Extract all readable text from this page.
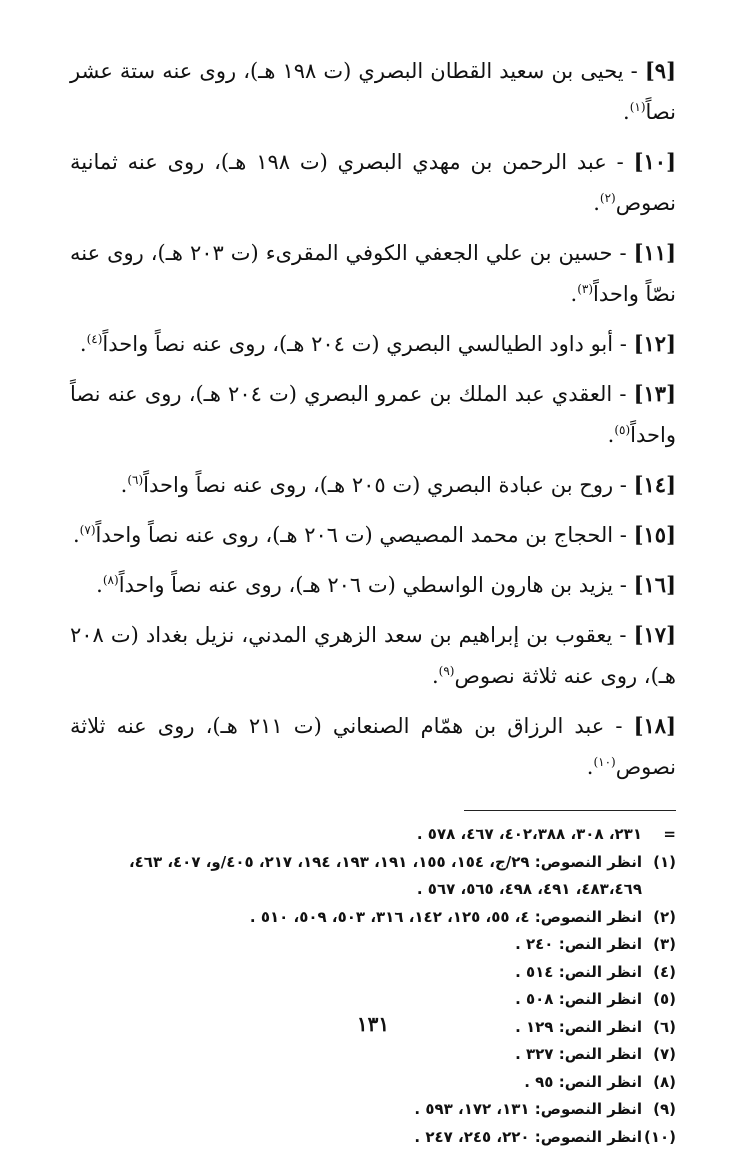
[٩] - يحيى بن سعيد القطان البصري (ت ١٩٨ هـ)، روى عنه ستة عشر نصاً$^{(١)}$.

[١٠] - عبد الرحمن بن مهدي البصري (ت ١٩٨ هـ)، روى عنه ثمانية نصوص$^{(٢)}$.

[١١] - حسين بن علي الجعفي الكوفي المقرىء (ت ٢٠٣ هـ)، روى عنه نصّاً واحداً$^{(٣)}$.

[١٢] - أبو داود الطيالسي البصري (ت ٢٠٤ هـ)، روى عنه نصاً واحداً$^{(٤)}$.

[١٣] - العقدي عبد الملك بن عمرو البصري (ت ٢٠٤ هـ)، روى عنه نصاً واحداً$^{(٥)}$.

[١٤] - روح بن عبادة البصري (ت ٢٠٥ هـ)، روى عنه نصاً واحداً$^{(٦)}$.

[١٥] - الحجاج بن محمد المصيصي (ت ٢٠٦ هـ)، روى عنه نصاً واحداً$^{(٧)}$.

[١٦] - يزيد بن هارون الواسطي (ت ٢٠٦ هـ)، روى عنه نصاً واحداً$^{(٨)}$.

[١٧] - يعقوب بن إبراهيم بن سعد الزهري المدني، نزيل بغداد (ت ٢٠٨ هـ)، روى عنه ثلاثة نصوص$^{(٩)}$.

[١٨] - عبد الرزاق بن همّام الصنعاني (ت ٢١١ هـ)، روى عنه ثلاثة نصوص$^{(١٠)}$.

=
٢٣١، ٣٠٨، ٤٠٢،٣٨٨، ٤٦٧، ٥٧٨ .
(١)
انظر النصوص: ٢٩/ج، ١٥٤، ١٥٥، ١٩١، ١٩٣، ١٩٤، ٢١٧، ٤٠٥/و، ٤٠٧، ٤٦٣، ٤٨٣،٤٦٩، ٤٩١، ٤٩٨، ٥٦٥، ٥٦٧ .
(٢)
انظر النصوص: ٤، ٥٥، ١٢٥، ١٤٢، ٣١٦، ٥٠٣، ٥٠٩، ٥١٠ .
(٣)
انظر النص: ٢٤٠ .
(٤)
انظر النص: ٥١٤ .
(٥)
انظر النص: ٥٠٨ .
(٦)
انظر النص: ١٢٩ .
(٧)
انظر النص: ٣٢٧ .
(٨)
انظر النص: ٩٥ .
(٩)
انظر النصوص: ١٣١، ١٧٢، ٥٩٣ .
(١٠)
انظر النصوص: ٢٢٠، ٢٤٥، ٢٤٧ .
١٣١
